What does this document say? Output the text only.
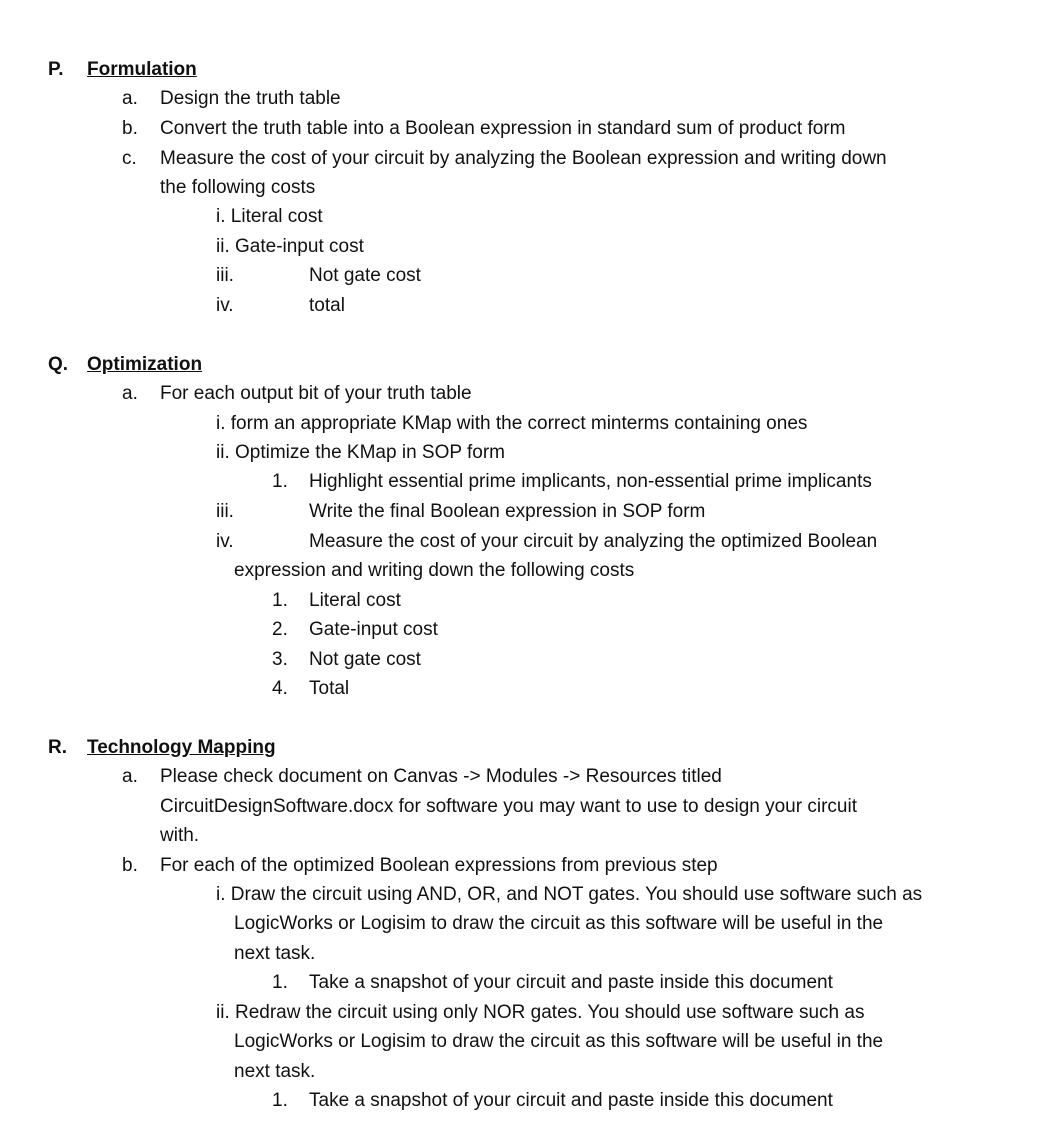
P. Formulation
a. Design the truth table
b. Convert the truth table into a Boolean expression in standard sum of product form
c. Measure the cost of your circuit by analyzing the Boolean expression and writing down
the following costs
i. Literal cost
ii. Gate-input cost
iii.	Not gate cost
iv.	total
Q. Optimization
a. For each output bit of your truth table
i. form an appropriate KMap with the correct minterms containing ones
ii. Optimize the KMap in SOP form
1. Highlight essential prime implicants, non-essential prime implicants
iii.	Write the final Boolean expression in SOP form
iv.	Measure the cost of your circuit by analyzing the optimized Boolean
expression and writing down the following costs
1. Literal cost
2. Gate-input cost
3. Not gate cost
4. Total
R. Technology Mapping
a. Please check document on Canvas -> Modules -> Resources titled
CircuitDesignSoftware.docx for software you may want to use to design your circuit
with.
b. For each of the optimized Boolean expressions from previous step
i. Draw the circuit using AND, OR, and NOT gates. You should use software such as
LogicWorks or Logisim to draw the circuit as this software will be useful in the
next task.
1. Take a snapshot of your circuit and paste inside this document
ii. Redraw the circuit using only NOR gates. You should use software such as
LogicWorks or Logisim to draw the circuit as this software will be useful in the
next task.
1. Take a snapshot of your circuit and paste inside this document
